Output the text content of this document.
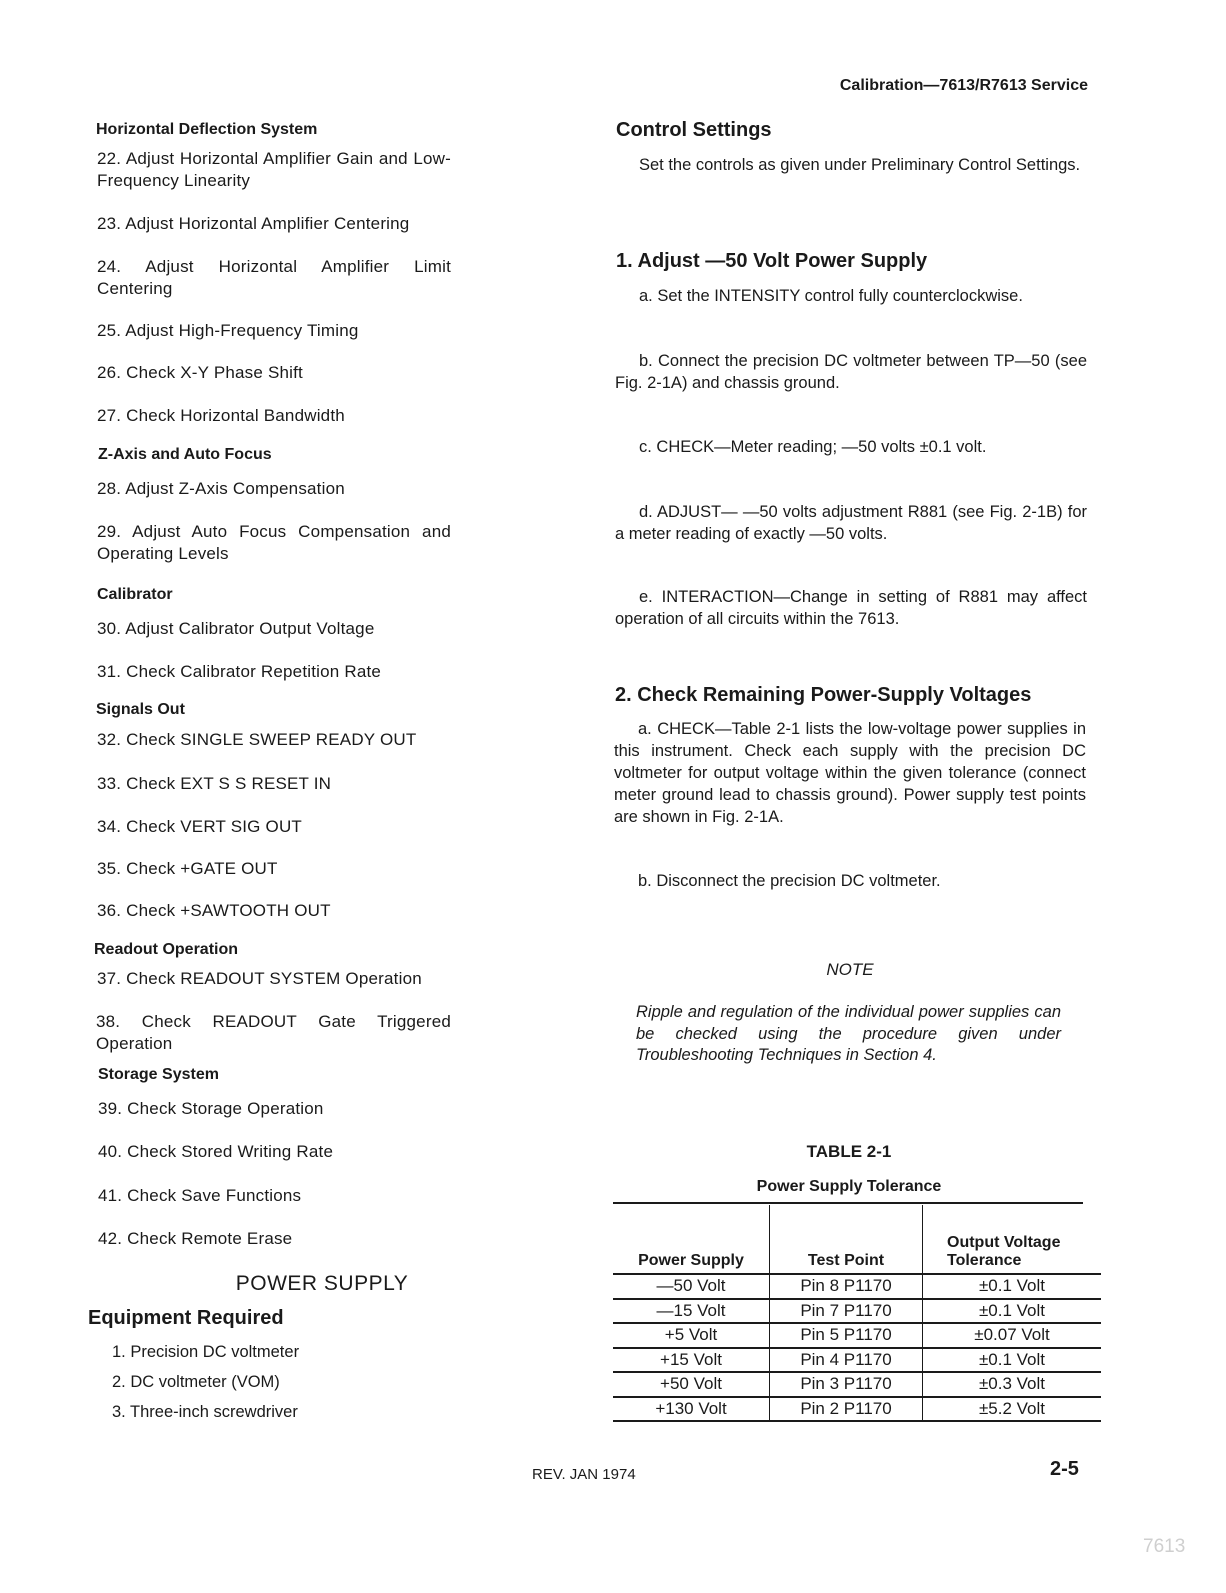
Calibration—7613/R7613 Service
Horizontal Deflection System
22. Adjust Horizontal Amplifier Gain and Low-Frequency Linearity
23. Adjust Horizontal Amplifier Centering
24. Adjust Horizontal Amplifier Limit Centering
25. Adjust High-Frequency Timing
26. Check X-Y Phase Shift
27. Check Horizontal Bandwidth
Z-Axis and Auto Focus
28. Adjust Z-Axis Compensation
29. Adjust Auto Focus Compensation and Operating Levels
Calibrator
30. Adjust Calibrator Output Voltage
31. Check Calibrator Repetition Rate
Signals Out
32. Check SINGLE SWEEP READY OUT
33. Check EXT S S RESET IN
34. Check VERT SIG OUT
35. Check +GATE OUT
36. Check +SAWTOOTH OUT
Readout Operation
37. Check READOUT SYSTEM Operation
38. Check READOUT Gate Triggered Operation
Storage System
39. Check Storage Operation
40. Check Stored Writing Rate
41. Check Save Functions
42. Check Remote Erase
POWER SUPPLY
Equipment Required
1. Precision DC voltmeter
2. DC voltmeter (VOM)
3. Three-inch screwdriver
Control Settings
Set the controls as given under Preliminary Control Settings.
1. Adjust —50 Volt Power Supply
a. Set the INTENSITY control fully counterclockwise.
b. Connect the precision DC voltmeter between TP—50 (see Fig. 2-1A) and chassis ground.
c. CHECK—Meter reading; —50 volts ±0.1 volt.
d. ADJUST— —50 volts adjustment R881 (see Fig. 2-1B) for a meter reading of exactly —50 volts.
e. INTERACTION—Change in setting of R881 may affect operation of all circuits within the 7613.
2. Check Remaining Power-Supply Voltages
a. CHECK—Table 2-1 lists the low-voltage power supplies in this instrument. Check each supply with the precision DC voltmeter for output voltage within the given tolerance (connect meter ground lead to chassis ground). Power supply test points are shown in Fig. 2-1A.
b. Disconnect the precision DC voltmeter.
NOTE
Ripple and regulation of the individual power supplies can be checked using the procedure given under Troubleshooting Techniques in Section 4.
TABLE 2-1
Power Supply Tolerance
Power Supply	Test Point	Output Voltage Tolerance
—50 Volt	Pin 8 P1170	±0.1 Volt
—15 Volt	Pin 7 P1170	±0.1 Volt
+5 Volt	Pin 5 P1170	±0.07 Volt
+15 Volt	Pin 4 P1170	±0.1 Volt
+50 Volt	Pin 3 P1170	±0.3 Volt
+130 Volt	Pin 2 P1170	±5.2 Volt
REV. JAN 1974	2-5
7613
